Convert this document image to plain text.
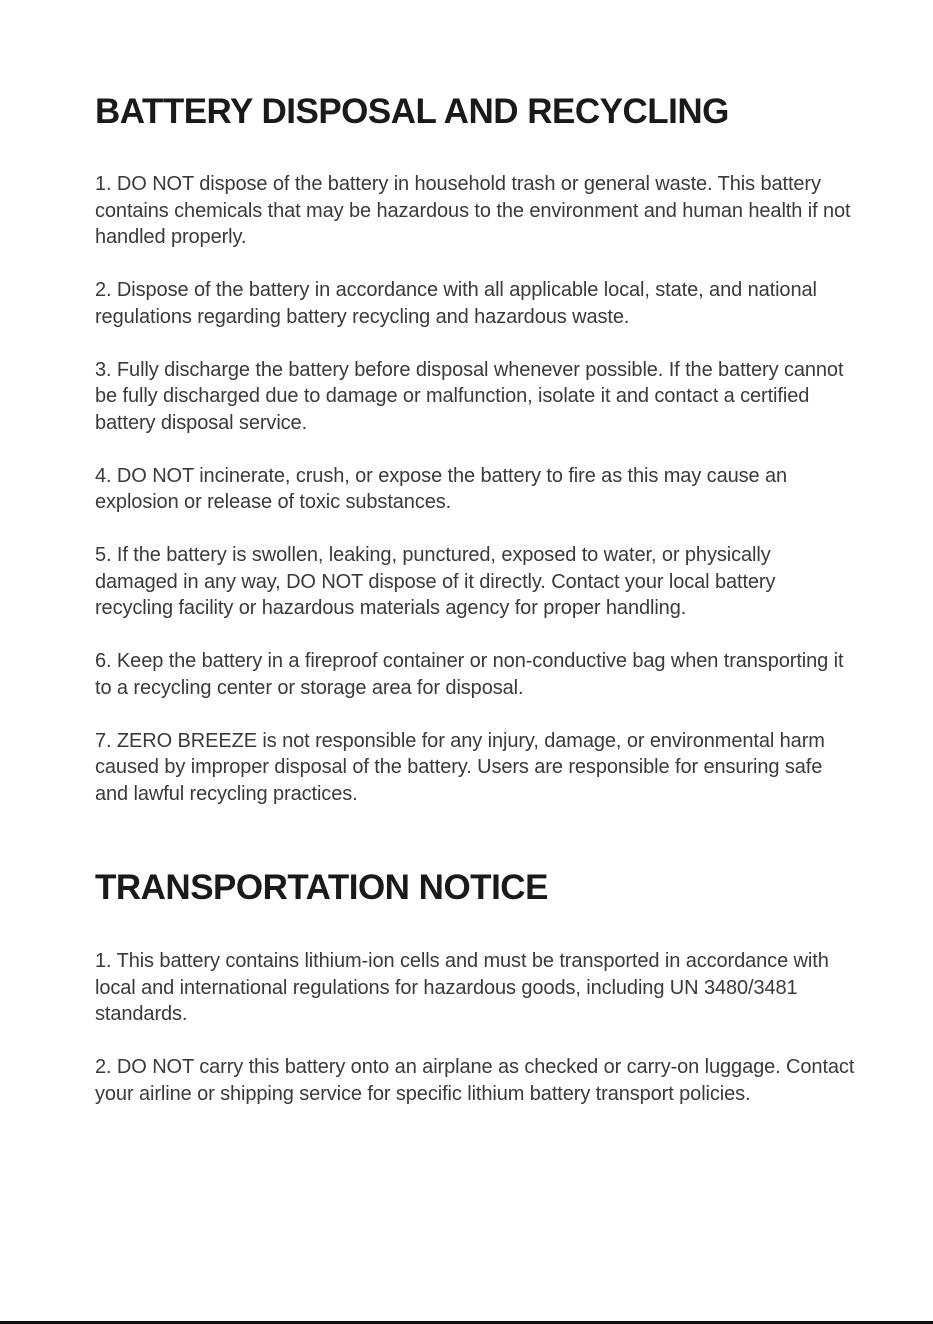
BATTERY DISPOSAL AND RECYCLING
1. DO NOT dispose of the battery in household trash or general waste. This battery contains chemicals that may be hazardous to the environment and human health if not handled properly.
2. Dispose of the battery in accordance with all applicable local, state, and national regulations regarding battery recycling and hazardous waste.
3. Fully discharge the battery before disposal whenever possible. If the battery cannot be fully discharged due to damage or malfunction, isolate it and contact a certified battery disposal service.
4. DO NOT incinerate, crush, or expose the battery to fire as this may cause an explosion or release of toxic substances.
5. If the battery is swollen, leaking, punctured, exposed to water, or physically damaged in any way, DO NOT dispose of it directly. Contact your local battery recycling facility or hazardous materials agency for proper handling.
6. Keep the battery in a fireproof container or non-conductive bag when transporting it to a recycling center or storage area for disposal.
7. ZERO BREEZE is not responsible for any injury, damage, or environmental harm caused by improper disposal of the battery. Users are responsible for ensuring safe and lawful recycling practices.
TRANSPORTATION NOTICE
1. This battery contains lithium-ion cells and must be transported in accordance with local and international regulations for hazardous goods, including UN 3480/3481 standards.
2. DO NOT carry this battery onto an airplane as checked or carry-on luggage. Contact your airline or shipping service for specific lithium battery transport policies.
